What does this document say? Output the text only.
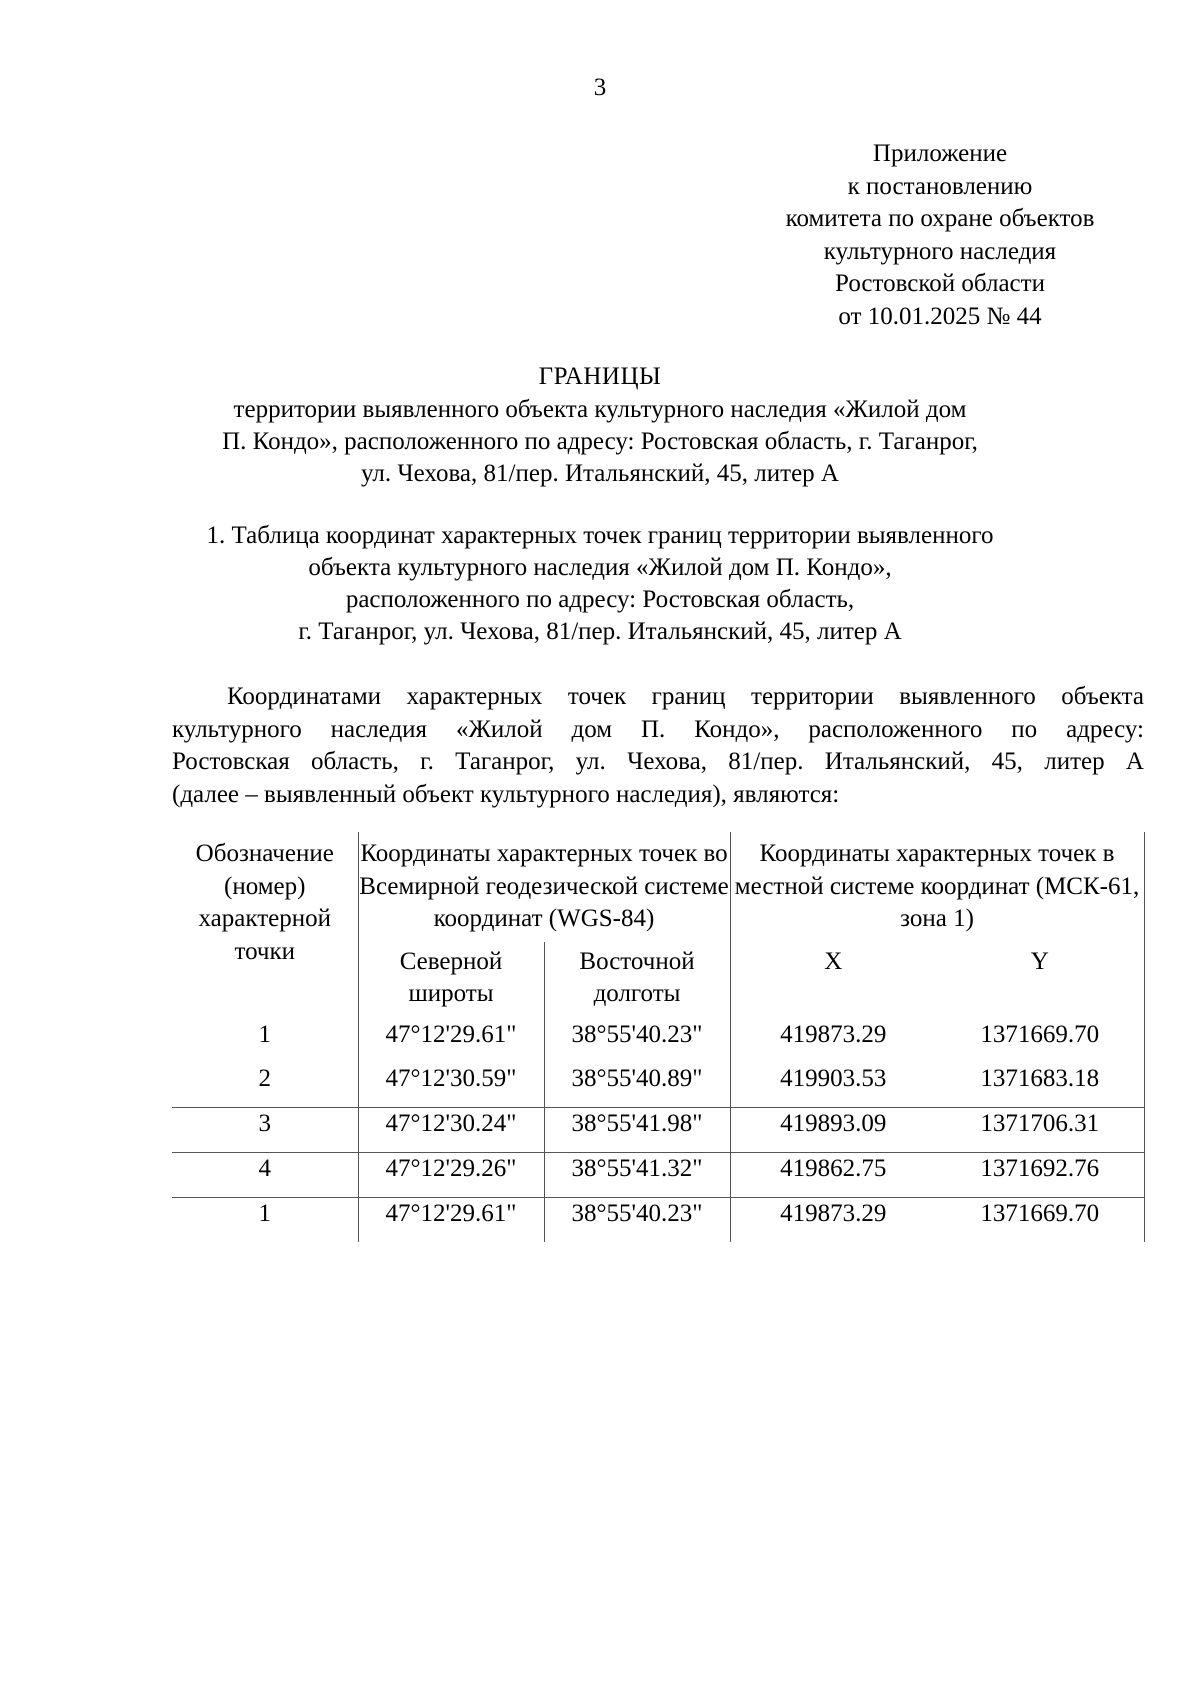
3
Приложение
к постановлению
комитета по охране объектов
культурного наследия
Ростовской области
от 10.01.2025 № 44
ГРАНИЦЫ
территории выявленного объекта культурного наследия «Жилой дом
П. Кондо», расположенного по адресу: Ростовская область, г. Таганрог,
ул. Чехова, 81/пер. Итальянский, 45, литер А
1. Таблица координат характерных точек границ территории выявленного
объекта культурного наследия «Жилой дом П. Кондо»,
расположенного по адресу: Ростовская область,
г. Таганрог, ул. Чехова, 81/пер. Итальянский, 45, литер А
Координатами характерных точек границ территории выявленного объекта
культурного наследия «Жилой дом П. Кондо», расположенного по адресу:
Ростовская область, г. Таганрог, ул. Чехова, 81/пер. Итальянский, 45, литер А
(далее – выявленный объект культурного наследия), являются:
Обозначение (номер) характерной точки	Координаты характерных точек во Всемирной геодезической системе координат (WGS-84)		Координаты характерных точек в местной системе координат (МСК-61, зона 1)	
	Северной широты	Восточной долготы	X	Y
1	47°12'29.61"	38°55'40.23"	419873.29	1371669.70
2	47°12'30.59"	38°55'40.89"	419903.53	1371683.18
3	47°12'30.24"	38°55'41.98"	419893.09	1371706.31
4	47°12'29.26"	38°55'41.32"	419862.75	1371692.76
1	47°12'29.61"	38°55'40.23"	419873.29	1371669.70
